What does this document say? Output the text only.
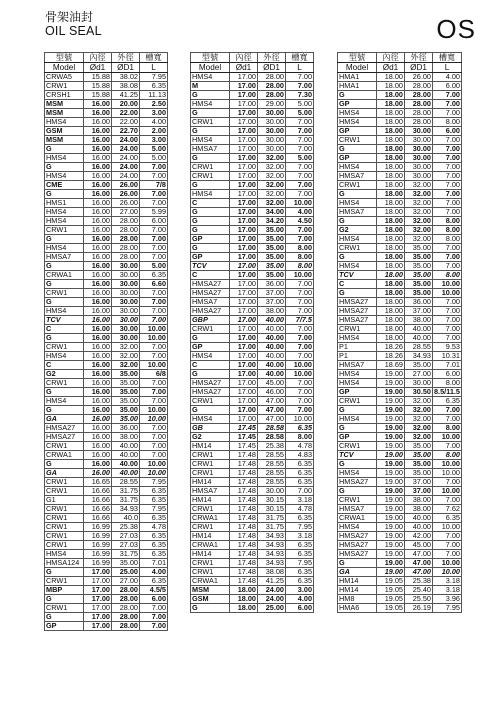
骨架油封
OIL SEAL	OS
型號	內徑	外徑	槽寬
Model	Ød1	ØD1	L
CRWA5	15.88	38.02	7.95
CRW1	15.88	38.08	6.35
CRSH1	15.88	41.25	11.13
MSM	16.00	20.00	2.50
MSM	16.00	22.00	3.00
HMS4	16.00	22.00	4.00
GSM	16.00	22.70	2.00
MSM	16.00	24.00	3.00
G	16.00	24.00	5.00
HMS4	16.00	24.00	5.00
G	16.00	24.00	7.00
HMS4	16.00	24.00	7.00
CME	16.00	26.00	7/8
G	16.00	26.00	7.00
HMS1	16.00	26.00	7.00
HMS4	16.00	27.00	5.99
HMS4	16.00	28.00	6.00
CRW1	16.00	28.00	7.00
G	16.00	28.00	7.00
HMS4	16.00	28.00	7.00
HMSA7	16.00	28.00	7.00
G	16.00	30.00	5.00
CRWA1	16.00	30.00	6.35
G	16.00	30.00	6.60
CRW1	16.00	30.00	7.00
G	16.00	30.00	7.00
HMS4	16.00	30.00	7.00
TCV	16.00	30.00	7.00
C	16.00	30.00	10.00
G	16.00	30.00	10.00
CRW1	16.00	32.00	7.00
HMS4	16.00	32.00	7.00
C	16.00	32.00	10.00
G2	16.00	35.00	6/8
CRW1	16.00	35.00	7.00
G	16.00	35.00	7.00
HMS4	16.00	35.00	7.00
G	16.00	35.00	10.00
GA	16.00	35.00	10.00
HMSA27	16.00	36.00	7.00
HMSA27	16.00	38.00	7.00
CRW1	16.00	40.00	7.00
CRWA1	16.00	40.00	7.00
G	16.00	40.00	10.00
GA	16.00	40.00	10.00
CRW1	16.65	28.55	7.95
CRW1	16.66	31.75	6.35
G1	16.66	31.75	6.35
CRW1	16.66	34.93	7.95
CRW1	16.66	40.0	6.35
CRW1	16.99	25.38	4.78
CRW1	16.99	27.03	6.35
CRW1	16.99	27.03	6.35
HMS4	16.99	31.75	6.35
HMSA124	16.99	35.00	7.01
G	17.00	25.00	4.00
CRW1	17.00	27.00	6.35
MBP	17.00	28.00	4.5/5
G	17.00	28.00	6.00
CRW1	17.00	28.00	7.00
G	17.00	28.00	7.00
GP	17.00	28.00	7.00
型號	內徑	外徑	槽寬
Model	Ød1	ØD1	L
HMS4	17.00	28.00	7.00
M	17.00	28.00	7.00
G	17.00	28.00	7.30
HMS4	17.00	29.00	5.00
G	17.00	30.00	5.00
CRW1	17.00	30.00	7.00
G	17.00	30.00	7.00
HMS4	17.00	30.00	7.00
HMSA7	17.00	30.00	7.00
G	17.00	32.00	5.00
CRW1	17.00	32.00	7.00
CRW1	17.00	32.00	7.00
G	17.00	32.00	7.00
HMS4	17.00	32.00	7.00
C	17.00	32.00	10.00
G	17.00	34.00	4.00
G	17.00	34.20	4.50
G	17.00	35.00	7.00
GP	17.00	35.00	7.00
G	17.00	35.00	8.00
GP	17.00	35.00	8.00
TCV	17.00	35.00	8.00
C	17.00	35.00	10.00
HMSA27	17.00	36.00	7.00
HMSA27	17.00	37.00	7.00
HMSA7	17.00	37.00	7.00
HMSA27	17.00	38.00	7.00
GBP	17.00	40.00	7/7.5
CRW1	17.00	40.00	7.00
G	17.00	40.00	7.00
GP	17.00	40.00	7.00
HMS4	17.00	40.00	7.00
C	17.00	40.00	10.00
G	17.00	40.00	10.00
HMSA27	17.00	45.00	7.00
HMSA27	17.00	46.00	7.00
CRW1	17.00	47.00	7.00
G	17.00	47.00	7.00
HMS4	17.00	47.00	10.00
GB	17.45	28.58	6.35
G2	17.45	28.58	8.00
HM14	17.45	25.38	4.78
CRW1	17.48	28.55	4.83
CRW1	17.48	28.55	6.35
CRW1	17.48	28.55	6.35
HM14	17.48	28.55	6.35
HMSA7	17.48	30.00	7.00
HM14	17.48	30.15	3.18
CRW1	17.48	30.15	4.78
CRWA1	17.48	31.75	6.35
CRW1	17.48	31.75	7.95
HM14	17.48	34.93	3.18
CRWA1	17.48	34.93	6.35
HM14	17.48	34.93	6.35
CRW1	17.48	34.93	7.95
CRW1	17.48	38.08	6.35
CRWA1	17.48	41.25	6.35
MSM	18.00	24.00	3.00
GSM	18.00	24.00	4.00
G	18.00	25.00	6.00
型號	內徑	外徑	槽寬
Model	Ød1	ØD1	L
HMA1	18.00	26.00	4.00
HMA1	18.00	28.00	6.00
G	18.00	28.00	7.00
GP	18.00	28.00	7.00
HMS4	18.00	28.00	7.00
HMS4	18.00	28.00	8.00
GP	18.00	30.00	6.00
CRW1	18.00	30.00	7.00
G	18.00	30.00	7.00
GP	18.00	30.00	7.00
HMS4	18.00	30.00	7.00
HMSA7	18.00	30.00	7.00
CRW1	18.00	32.00	7.00
G	18.00	32.00	7.00
HMS4	18.00	32.00	7.00
HMSA7	18.00	32.00	7.00
G	18.00	32.00	8.00
G2	18.00	32.00	8.00
HMS4	18.00	32.00	8.00
CRW1	18.00	35.00	7.00
G	18.00	35.00	7.00
HMS4	18.00	35.00	7.00
TCV	18.00	35.00	8.00
C	18.00	35.00	10.00
G	18.00	35.00	10.00
HMSA27	18.00	36.00	7.00
HMSA27	18.00	37.00	7.00
HMSA27	18.00	38.00	7.00
CRW1	18.00	40.00	7.00
HMS4	18.00	40.00	7.00
P1	18.26	28.55	9.53
P1	18.26	34.93	10.31
HMSA7	18.69	35.00	7.01
HMS4	19.00	27.00	6.00
HMS4	19.00	30.00	8.00
GP	19.00	30.50	8.5/11.5
CRW1	19.00	32.00	6.35
G	19.00	32.00	7.00
HMS4	19.00	32.00	7.00
G	19.00	32.00	8.00
GP	19.00	32.00	10.00
CRW1	19.00	35.00	7.00
TCV	19.00	35.00	8.00
G	19.00	35.00	10.00
HMS4	19.00	35.00	10.00
HMSA27	19.00	37.00	7.00
G	19.00	37.00	10.00
CRW1	19.00	38.00	7.00
HMSA7	19.00	38.00	7.62
CRWA1	19.00	40.00	6.35
HMS4	19.00	40.00	10.00
HMSA27	19.00	42.00	7.00
HMSA27	19.00	45.00	7.00
HMSA27	19.00	47.00	7.00
G	19.00	47.00	10.00
GA	19.00	47.00	10.00
HM14	19.05	25.38	3.18
HM14	19.05	25.40	3.18
HM8	19.05	25.50	3.96
HMA6	19.05	26.19	7.95
